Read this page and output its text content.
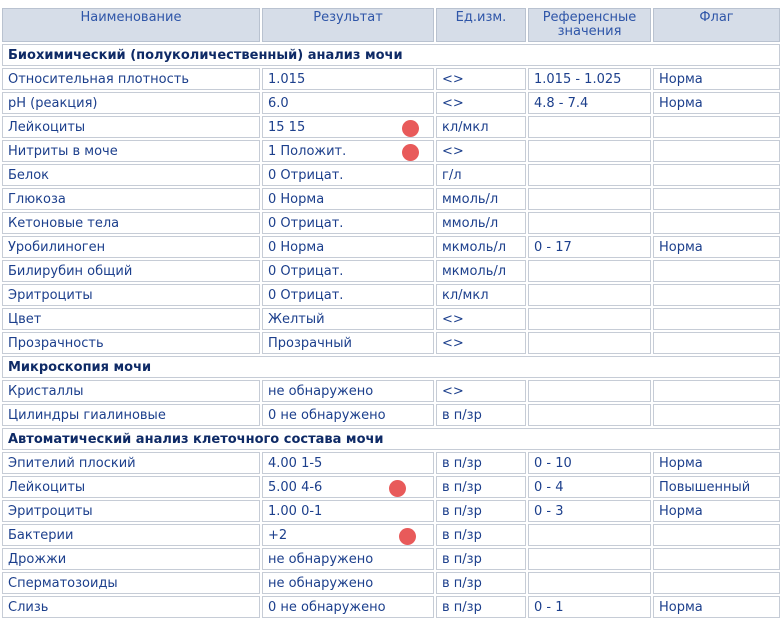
Наименование	Результат	Ед.изм.	Референсные значения	Флаг
Биохимический (полуколичественный) анализ мочи				
Относительная плотность	1.015	<>	1.015 - 1.025	Норма
pH (реакция)	6.0	<>	4.8 - 7.4	Норма
Лейкоциты	15 15	кл/мкл		
Нитриты в моче	1 Положит.	<>		
Белок	0 Отрицат.	г/л		
Глюкоза	0 Норма	ммоль/л		
Кетоновые тела	0 Отрицат.	ммоль/л		
Уробилиноген	0 Норма	мкмоль/л	0 - 17	Норма
Билирубин общий	0 Отрицат.	мкмоль/л		
Эритроциты	0 Отрицат.	кл/мкл		
Цвет	Желтый	<>		
Прозрачность	Прозрачный	<>		
Микроскопия мочи				
Кристаллы	не обнаружено	<>		
Цилиндры гиалиновые	0 не обнаружено	в п/зр		
Автоматический анализ клеточного состава мочи				
Эпителий плоский	4.00 1-5	в п/зр	0 - 10	Норма
Лейкоциты	5.00 4-6	в п/зр	0 - 4	Повышенный
Эритроциты	1.00 0-1	в п/зр	0 - 3	Норма
Бактерии	+2	в п/зр		
Дрожжи	не обнаружено	в п/зр		
Сперматозоиды	не обнаружено	в п/зр		
Слизь	0 не обнаружено	в п/зр	0 - 1	Норма
